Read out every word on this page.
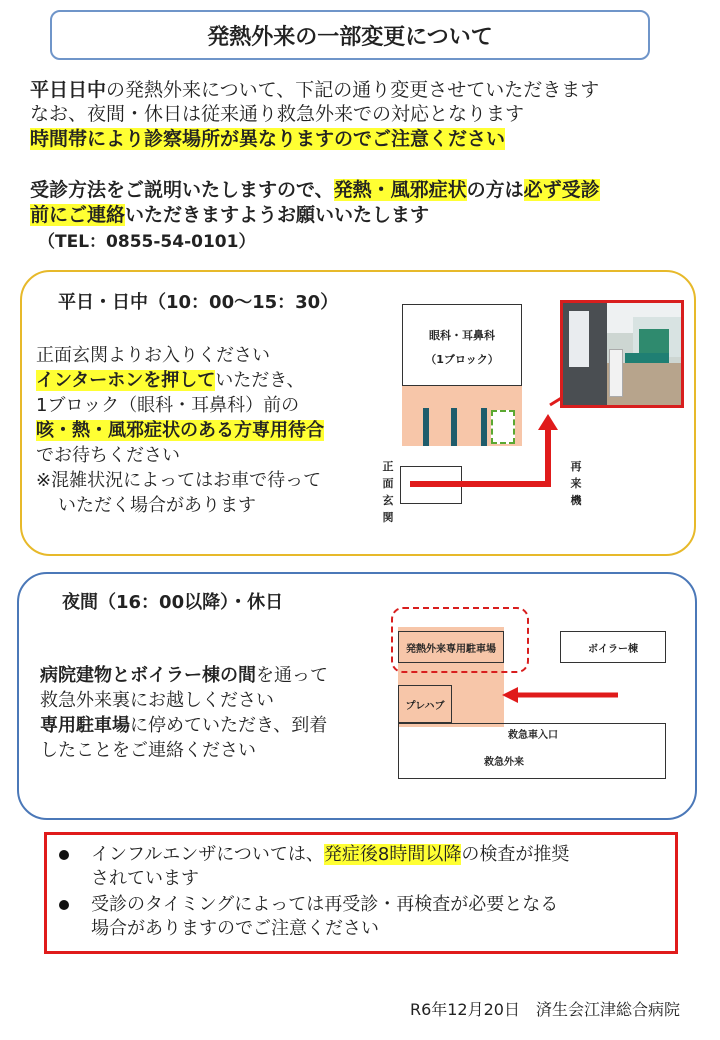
発熱外来の一部変更について
平日日中の発熱外来について、下記の通り変更させていただきます
なお、夜間・休日は従来通り救急外来での対応となります
時間帯により診察場所が異なりますのでご注意ください
受診方法をご説明いたしますので、発熱・風邪症状の方は必ず受診
前にご連絡いただきますようお願いいたします
（TEL：0855-54-0101）
平日・日中（10：00～15：30）
正面玄関よりお入りください
インターホンを押していただき、
1ブロック（眼科・耳鼻科）前の
咳・熱・風邪症状のある方専用待合
でお待ちください
※混雑状況によってはお車で待って
いただく場合があります
眼科・耳鼻科
（1ブロック）
正
面
玄
関
再
来
機
夜間（16：00以降）・休日
病院建物とボイラー棟の間を通って
救急外来裏にお越しください
専用駐車場に停めていただき、到着
したことをご連絡ください
発熱外来専用駐車場	ボイラー棟
プレハブ
救急車入口
救急外来
インフルエンザについては、発症後8時間以降の検査が推奨
されています
受診のタイミングによっては再受診・再検査が必要となる
場合がありますのでご注意ください
R6年12月20日 済生会江津総合病院
